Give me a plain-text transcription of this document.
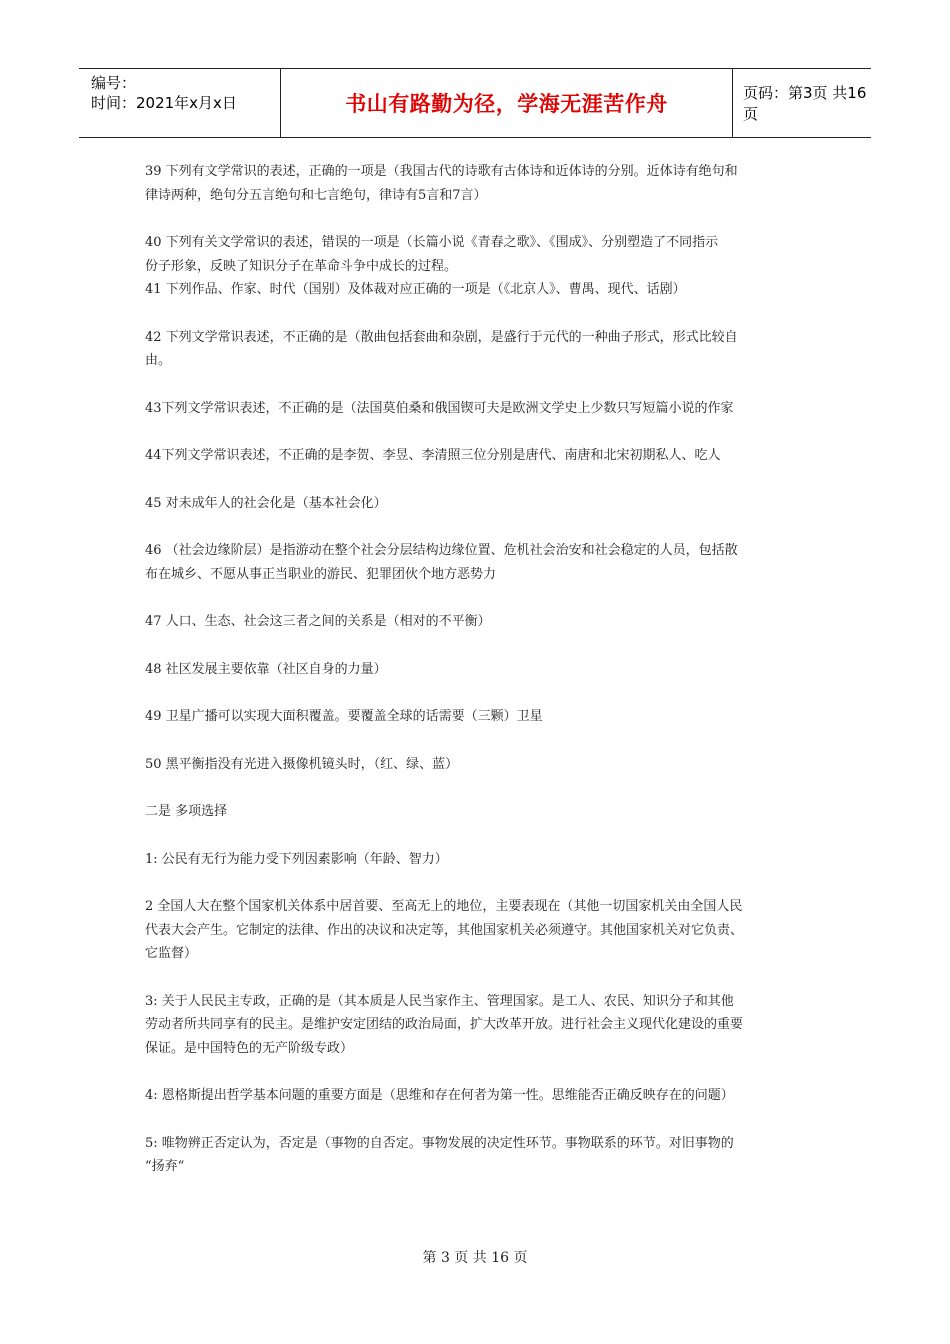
编号：
时间：2021年x月x日	书山有路勤为径，学海无涯苦作舟	页码：第3页 共16页
39 下列有文学常识的表述，正确的一项是（我国古代的诗歌有古体诗和近体诗的分别。近体诗有绝句和
律诗两种，绝句分五言绝句和七言绝句，律诗有5言和7言）
40 下列有关文学常识的表述，错误的一项是（长篇小说《青春之歌》、《围成》、分别塑造了不同指示
份子形象，反映了知识分子在革命斗争中成长的过程。
41 下列作品、作家、时代（国别）及体裁对应正确的一项是（《北京人》、曹禺、现代、话剧）
42 下列文学常识表述，不正确的是（散曲包括套曲和杂剧，是盛行于元代的一种曲子形式，形式比较自
由。
43下列文学常识表述，不正确的是（法国莫伯桑和俄国锲可夫是欧洲文学史上少数只写短篇小说的作家
44下列文学常识表述，不正确的是李贺、李昱、李清照三位分别是唐代、南唐和北宋初期私人、吃人
45 对未成年人的社会化是（基本社会化）
46 （社会边缘阶层）是指游动在整个社会分层结构边缘位置、危机社会治安和社会稳定的人员，包括散
布在城乡、不愿从事正当职业的游民、犯罪团伙个地方恶势力
47 人口、生态、社会这三者之间的关系是（相对的不平衡）
48 社区发展主要依靠（社区自身的力量）
49 卫星广播可以实现大面积覆盖。要覆盖全球的话需要（三颗）卫星
50 黑平衡指没有光进入摄像机镜头时，（红、绿、蓝）
二是 多项选择
1: 公民有无行为能力受下列因素影响（年龄、智力）
2 全国人大在整个国家机关体系中居首要、至高无上的地位，主要表现在（其他一切国家机关由全国人民
代表大会产生。它制定的法律、作出的决议和决定等，其他国家机关必须遵守。其他国家机关对它负责、
它监督）
3: 关于人民民主专政，正确的是（其本质是人民当家作主、管理国家。是工人、农民、知识分子和其他
劳动者所共同享有的民主。是维护安定团结的政治局面，扩大改革开放。进行社会主义现代化建设的重要
保证。是中国特色的无产阶级专政）
4: 恩格斯提出哲学基本问题的重要方面是（思维和存在何者为第一性。思维能否正确反映存在的问题）
5: 唯物辨正否定认为，否定是（事物的自否定。事物发展的决定性环节。事物联系的环节。对旧事物的
“扬弃“
第 3 页 共 16 页
